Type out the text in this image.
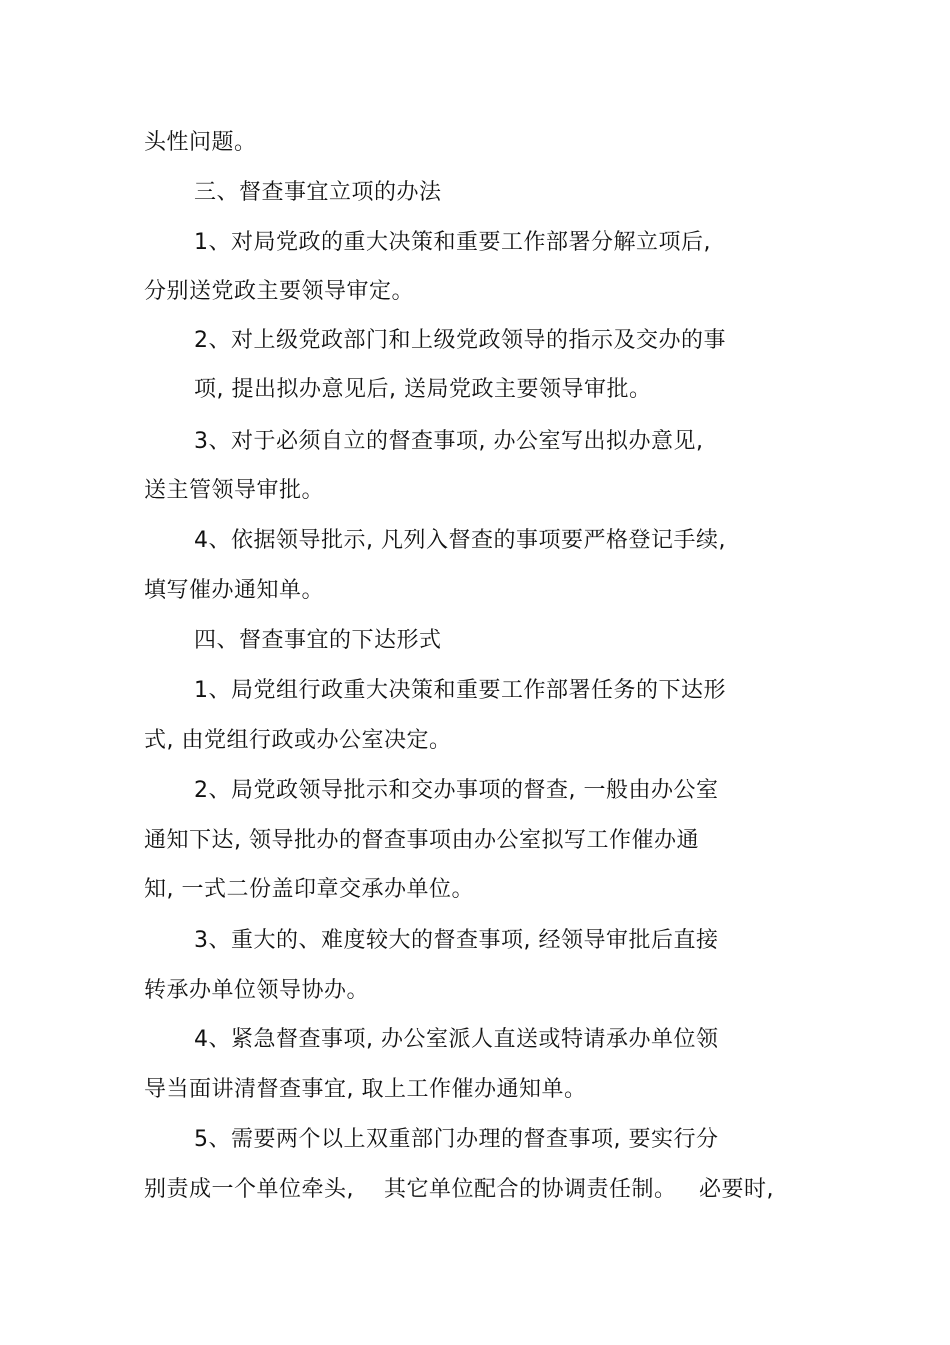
头性问题。
三、督查事宜立项的办法
1、对局党政的重大决策和重要工作部署分解立项后,
分别送党政主要领导审定。
2、对上级党政部门和上级党政领导的指示及交办的事
项, 提出拟办意见后, 送局党政主要领导审批。
3、对于必须自立的督查事项, 办公室写出拟办意见,
送主管领导审批。
4、依据领导批示, 凡列入督查的事项要严格登记手续,
填写催办通知单。
四、督查事宜的下达形式
1、局党组行政重大决策和重要工作部署任务的下达形
式, 由党组行政或办公室决定。
2、局党政领导批示和交办事项的督查, 一般由办公室
通知下达, 领导批办的督查事项由办公室拟写工作催办通
知, 一式二份盖印章交承办单位。
3、重大的、难度较大的督查事项, 经领导审批后直接
转承办单位领导协办。
4、紧急督查事项, 办公室派人直送或特请承办单位领
导当面讲清督查事宜, 取上工作催办通知单。
5、需要两个以上双重部门办理的督查事项, 要实行分
别责成一个单位牵头,    其它单位配合的协调责任制。   必要时,
